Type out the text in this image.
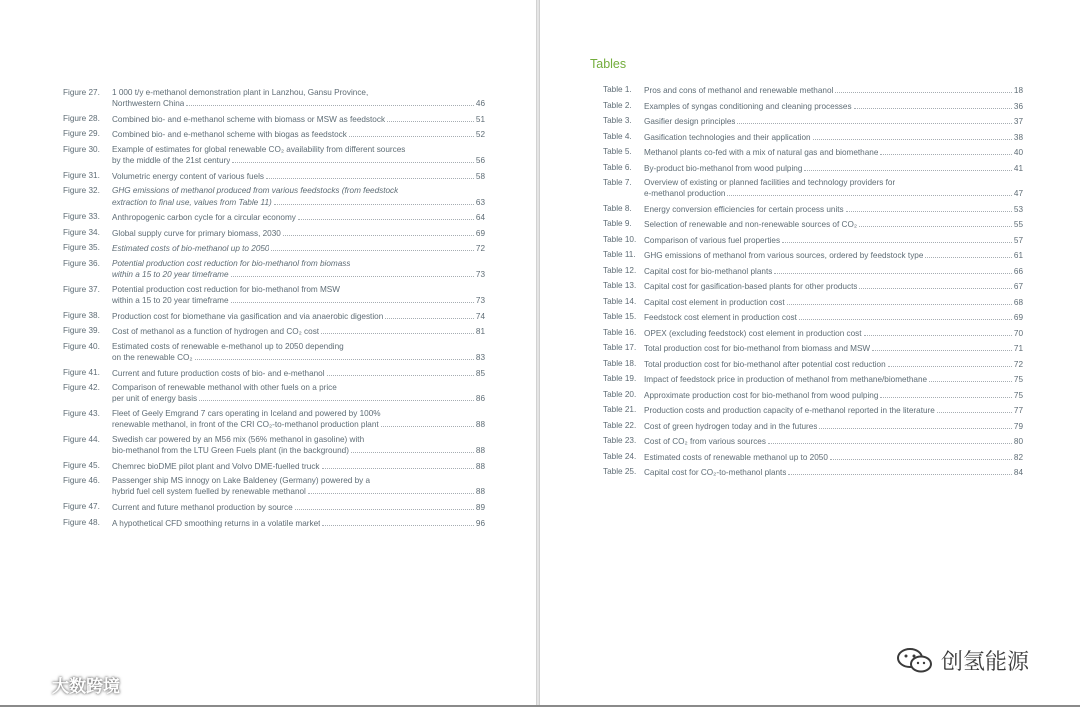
Figure 27.	1 000 t/y e-methanol demonstration plant in Lanzhou, Gansu Province,
Northwestern China	46
Figure 28.	Combined bio- and e-methanol scheme with biomass or MSW as feedstock	51
Figure 29.	Combined bio- and e-methanol scheme with biogas as feedstock	52
Figure 30.	Example of estimates for global renewable CO₂ availability from different sources
by the middle of the 21st century	56
Figure 31.	Volumetric energy content of various fuels	58
Figure 32.	GHG emissions of methanol produced from various feedstocks (from feedstock
extraction to final use, values from Table 11)	63
Figure 33.	Anthropogenic carbon cycle for a circular economy	64
Figure 34.	Global supply curve for primary biomass, 2030	69
Figure 35.	Estimated costs of bio-methanol up to 2050	72
Figure 36.	Potential production cost reduction for bio-methanol from biomass
within a 15 to 20 year timeframe	73
Figure 37.	Potential production cost reduction for bio-methanol from MSW
within a 15 to 20 year timeframe	73
Figure 38.	Production cost for biomethane via gasification and via anaerobic digestion	74
Figure 39.	Cost of methanol as a function of hydrogen and CO₂ cost	81
Figure 40.	Estimated costs of renewable e-methanol up to 2050 depending
on the renewable CO₂	83
Figure 41.	Current and future production costs of bio- and e-methanol	85
Figure 42.	Comparison of renewable methanol with other fuels on a price
per unit of energy basis	86
Figure 43.	Fleet of Geely Emgrand 7 cars operating in Iceland and powered by 100%
renewable methanol, in front of the CRI CO₂-to-methanol production plant	88
Figure 44.	Swedish car powered by an M56 mix (56% methanol in gasoline) with
bio-methanol from the LTU Green Fuels plant (in the background)	88
Figure 45.	Chemrec bioDME pilot plant and Volvo DME-fuelled truck	88
Figure 46.	Passenger ship MS innogy on Lake Baldeney (Germany) powered by a
hybrid fuel cell system fuelled by renewable methanol	88
Figure 47.	Current and future methanol production by source	89
Figure 48.	A hypothetical CFD smoothing returns in a volatile market	96
Tables
Table 1.	Pros and cons of methanol and renewable methanol	18
Table 2.	Examples of syngas conditioning and cleaning processes	36
Table 3.	Gasifier design principles	37
Table 4.	Gasification technologies and their application	38
Table 5.	Methanol plants co-fed with a mix of natural gas and biomethane	40
Table 6.	By-product bio-methanol from wood pulping	41
Table 7.	Overview of existing or planned facilities and technology providers for
e-methanol production	47
Table 8.	Energy conversion efficiencies for certain process units	53
Table 9.	Selection of renewable and non-renewable sources of CO₂	55
Table 10. Comparison of various fuel properties	57
Table 11.	GHG emissions of methanol from various sources, ordered by feedstock type	61
Table 12. Capital cost for bio-methanol plants	66
Table 13. Capital cost for gasification-based plants for other products	67
Table 14. Capital cost element in production cost	68
Table 15. Feedstock cost element in production cost	69
Table 16. OPEX (excluding feedstock) cost element in production cost	70
Table 17. Total production cost for bio-methanol from biomass and MSW	71
Table 18. Total production cost for bio-methanol after potential cost reduction	72
Table 19. Impact of feedstock price in production of methanol from methane/biomethane	75
Table 20. Approximate production cost for bio-methanol from wood pulping	75
Table 21. Production costs and production capacity of e-methanol reported in the literature	77
Table 22. Cost of green hydrogen today and in the futures	79
Table 23. Cost of CO₂ from various sources	80
Table 24. Estimated costs of renewable methanol up to 2050	82
Table 25. Capital cost for CO₂-to-methanol plants	84
大数跨境
创氢能源
